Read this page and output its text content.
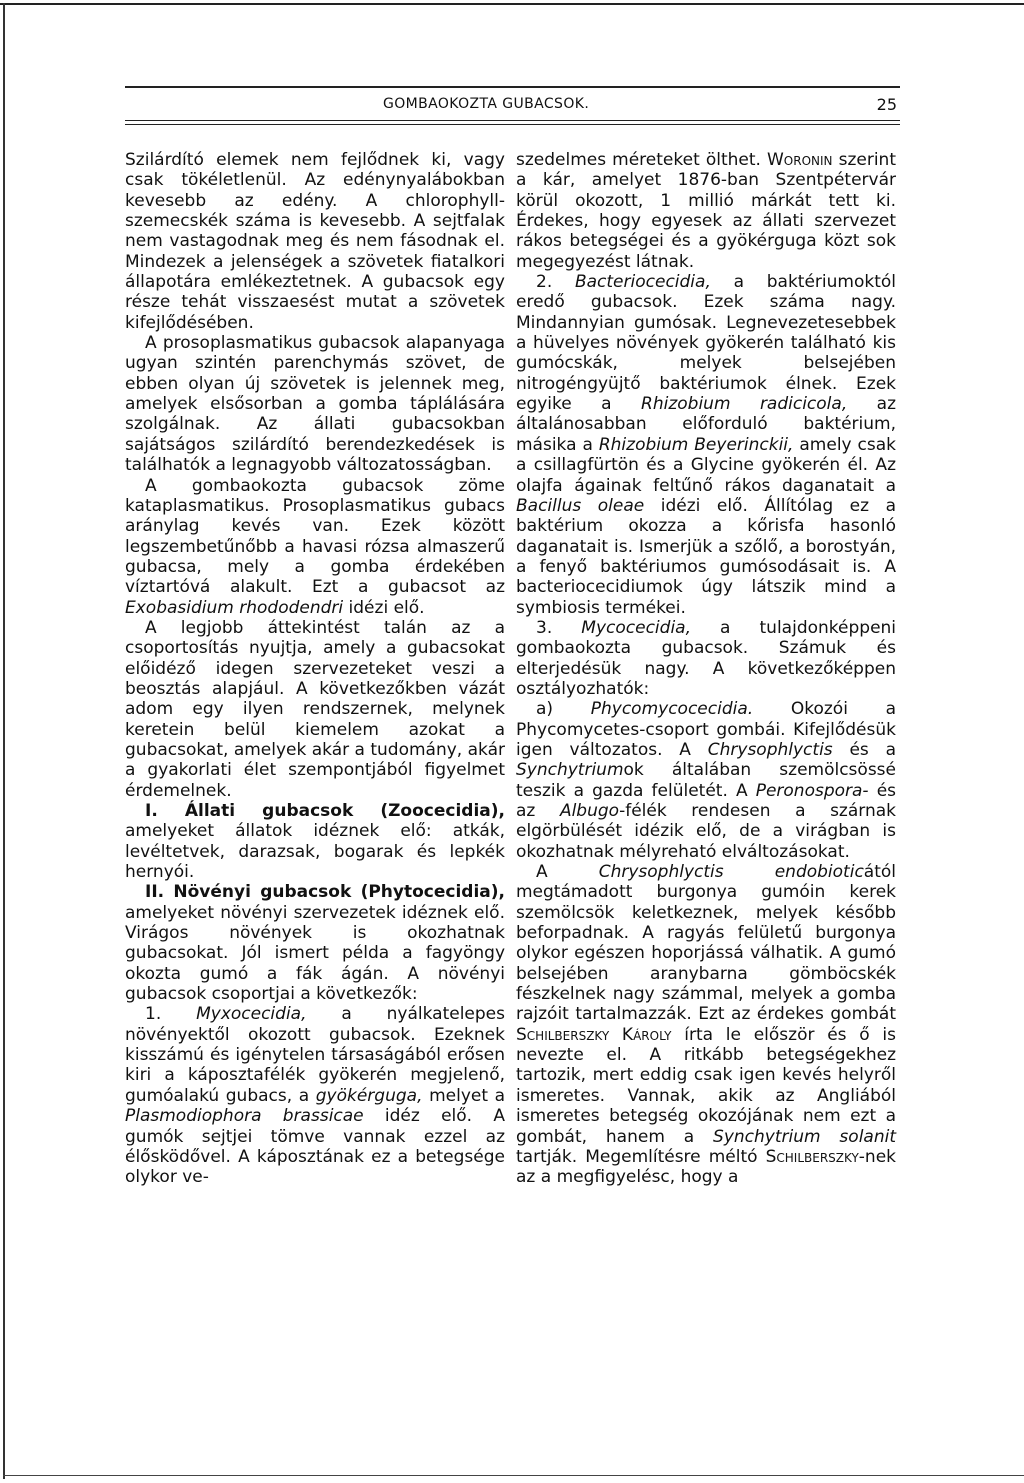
GOMBAOKOZTA GUBACSOK.	25

Szilárdító elemek nem fejlődnek ki, vagy csak tökéletlenül. Az edénynyalábokban kevesebb az edény. A chlorophyll-szemecskék száma is kevesebb. A sejtfalak nem vastagodnak meg és nem fásodnak el. Mindezek a jelenségek a szövetek fiatalkori állapotára emlékeztetnek. A gubacsok egy része tehát visszaesést mutat a szövetek kifejlődésében.

A prosoplasmatikus gubacsok alapanyaga ugyan szintén parenchymás szövet, de ebben olyan új szövetek is jelennek meg, amelyek elsősorban a gomba táplálására szolgálnak. Az állati gubacsokban sajátságos szilárdító berendezkedések is találhatók a legnagyobb változatosságban.

A gombaokozta gubacsok zöme kataplasmatikus. Prosoplasmatikus gubacs aránylag kevés van. Ezek között legszembetűnőbb a havasi rózsa almaszerű gubacsa, mely a gomba érdekében víztartóvá alakult. Ezt a gubacsot az Exobasidium rhododendri idézi elő.

A legjobb áttekintést talán az a csoportosítás nyujtja, amely a gubacsokat előidéző idegen szervezeteket veszi a beosztás alapjául. A következőkben vázát adom egy ilyen rendszernek, melynek keretein belül kiemelem azokat a gubacsokat, amelyek akár a tudomány, akár a gyakorlati élet szempontjából figyelmet érdemelnek.

I. Állati gubacsok (Zoocecidia), amelyeket állatok idéznek elő: atkák, levéltetvek, darazsak, bogarak és lepkék hernyói.

II. Növényi gubacsok (Phytocecidia), amelyeket növényi szervezetek idéznek elő. Virágos növények is okozhatnak gubacsokat. Jól ismert példa a fagyöngy okozta gumó a fák ágán. A növényi gubacsok csoportjai a következők:

1. Myxocecidia, a nyálkatelepes növényektől okozott gubacsok. Ezeknek kisszámú és igénytelen társaságából erősen kiri a káposztafélék gyökerén megjelenő, gumóalakú gubacs, a gyökérguga, melyet a Plasmodiophora brassicae idéz elő. A gumók sejtjei tömve vannak ezzel az élősködővel. A káposztának ez a betegsége olykor ve-

szedelmes méreteket ölthet. Woronin szerint a kár, amelyet 1876-ban Szentpétervár körül okozott, 1 millió márkát tett ki. Érdekes, hogy egyesek az állati szervezet rákos betegségei és a gyökérguga közt sok megegyezést látnak.

2. Bacteriocecidia, a baktériumoktól eredő gubacsok. Ezek száma nagy. Mindannyian gumósak. Legnevezetesebbek a hüvelyes növények gyökerén található kis gumócskák, melyek belsejében nitrogéngyüjtő baktériumok élnek. Ezek egyike a Rhizobium radicicola, az általánosabban előforduló baktérium, másika a Rhizobium Beyerinckii, amely csak a csillagfürtön és a Glycine gyökerén él. Az olajfa ágainak feltűnő rákos daganatait a Bacillus oleae idézi elő. Állítólag ez a baktérium okozza a kőrisfa hasonló daganatait is. Ismerjük a szőlő, a borostyán, a fenyő baktériumos gumósodásait is. A bacteriocecidiumok úgy látszik mind a symbiosis termékei.

3. Mycocecidia, a tulajdonképpeni gombaokozta gubacsok. Számuk és elterjedésük nagy. A következőképpen osztályozhatók:

a) Phycomycocecidia. Okozói a Phycomycetes-csoport gombái. Kifejlődésük igen változatos. A Chrysophlyctis és a Synchytriumok általában szemölcsössé teszik a gazda felületét. A Peronospora- és az Albugo-félék rendesen a szárnak elgörbülését idézik elő, de a virágban is okozhatnak mélyreható elváltozásokat.

A	Chrysophlyctis endobioticától megtámadott burgonya gumóin kerek szemölcsök keletkeznek, melyek később beforpadnak. A ragyás felületű burgonya olykor egészen hoporjássá válhatik. A gumó belsejében aranybarna gömböcskék fészkelnek nagy számmal, melyek a gomba rajzóit tartalmazzák. Ezt az érdekes gombát Schilberszky Károly írta le először és ő is nevezte el. A ritkább betegségekhez tartozik, mert eddig csak igen kevés helyről ismeretes. Vannak, akik az Angliából ismeretes betegség okozójának nem ezt a gombát, hanem a Synchytrium solanit tartják. Megemlítésre méltó Schilberszky-nek az a megfigyelésc, hogy a
